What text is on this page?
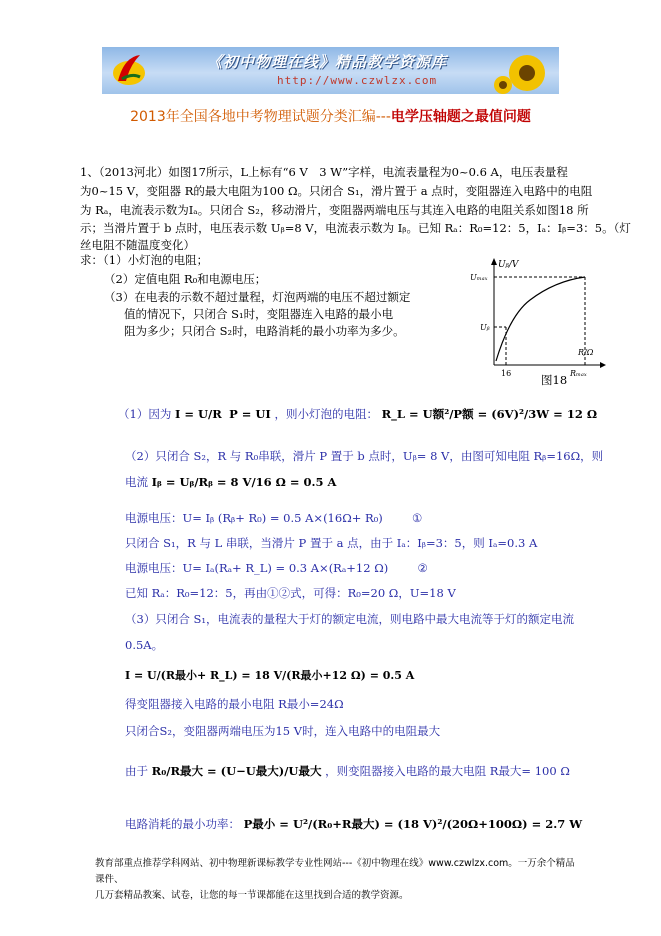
《初中物理在线》精品教学资源库
http://www.czwlzx.com
2013年全国各地中考物理试题分类汇编---电学压轴题之最值问题
1、（2013河北）如图17所示，L上标有“6 V　3 W”字样，电流表量程为0~0.6 A，电压表量程
为0~15 V，变阻器 R的最大电阻为100 Ω。只闭合 S₁，滑片置于 a 点时，变阻器连入电路中的电阻
为 Rₐ，电流表示数为Iₐ。只闭合 S₂，移动滑片，变阻器两端电压与其连入电路的电阻关系如图18 所
示；当滑片置于 b 点时，电压表示数 Uᵦ=8 V，电流表示数为 Iᵦ。已知 Rₐ：R₀=12：5，Iₐ：Iᵦ=3：5。（灯
丝电阻不随温度变化）
求：（1）小灯泡的电阻；
（2）定值电阻 R₀和电源电压；
（3）在电表的示数不超过量程，灯泡两端的电压不超过额定
值的情况下，只闭合 S₁时，变阻器连入电路的最小电
阻为多少；只闭合 S₂时，电路消耗的最小功率为多少。
Uᵦ/V
Uₘₐₓ
Uᵦ
R/Ω
16	Rₘₐₓ
图18
（1）因为 I = U/R P = UI ，则小灯泡的电阻： R_L = U额²/P额 = (6V)²/3W = 12 Ω
（2）只闭合 S₂，R 与 R₀串联，滑片 P 置于 b 点时，Uᵦ= 8 V，由图可知电阻 Rᵦ=16Ω，则
电流 Iᵦ = Uᵦ/Rᵦ = 8 V/16 Ω = 0.5 A
电源电压：U= Iᵦ (Rᵦ+ R₀) = 0.5 A×(16Ω+ R₀)	①
只闭合 S₁，R 与 L 串联，当滑片 P 置于 a 点，由于 Iₐ：Iᵦ=3：5，则 Iₐ=0.3 A
电源电压：U= Iₐ(Rₐ+ R_L) = 0.3 A×(Rₐ+12 Ω)	②
已知 Rₐ：R₀=12：5，再由①②式，可得：R₀=20 Ω，U=18 V
（3）只闭合 S₁，电流表的量程大于灯的额定电流，则电路中最大电流等于灯的额定电流
0.5A。
I = U/(R最小+ R_L) = 18 V/(R最小+12 Ω) = 0.5 A
得变阻器接入电路的最小电阻 R最小=24Ω
只闭合S₂，变阻器两端电压为15 V时，连入电路中的电阻最大
由于 R₀/R最大 = (U−U最大)/U最大 ，则变阻器接入电路的最大电阻 R最大= 100 Ω
电路消耗的最小功率： P最小 = U²/(R₀+R最大) = (18 V)²/(20Ω+100Ω) = 2.7 W
教育部重点推荐学科网站、初中物理新课标教学专业性网站---《初中物理在线》www.czwlzx.com。一万余个精品课件、
几万套精品教案、试卷，让您的每一节课都能在这里找到合适的教学资源。
